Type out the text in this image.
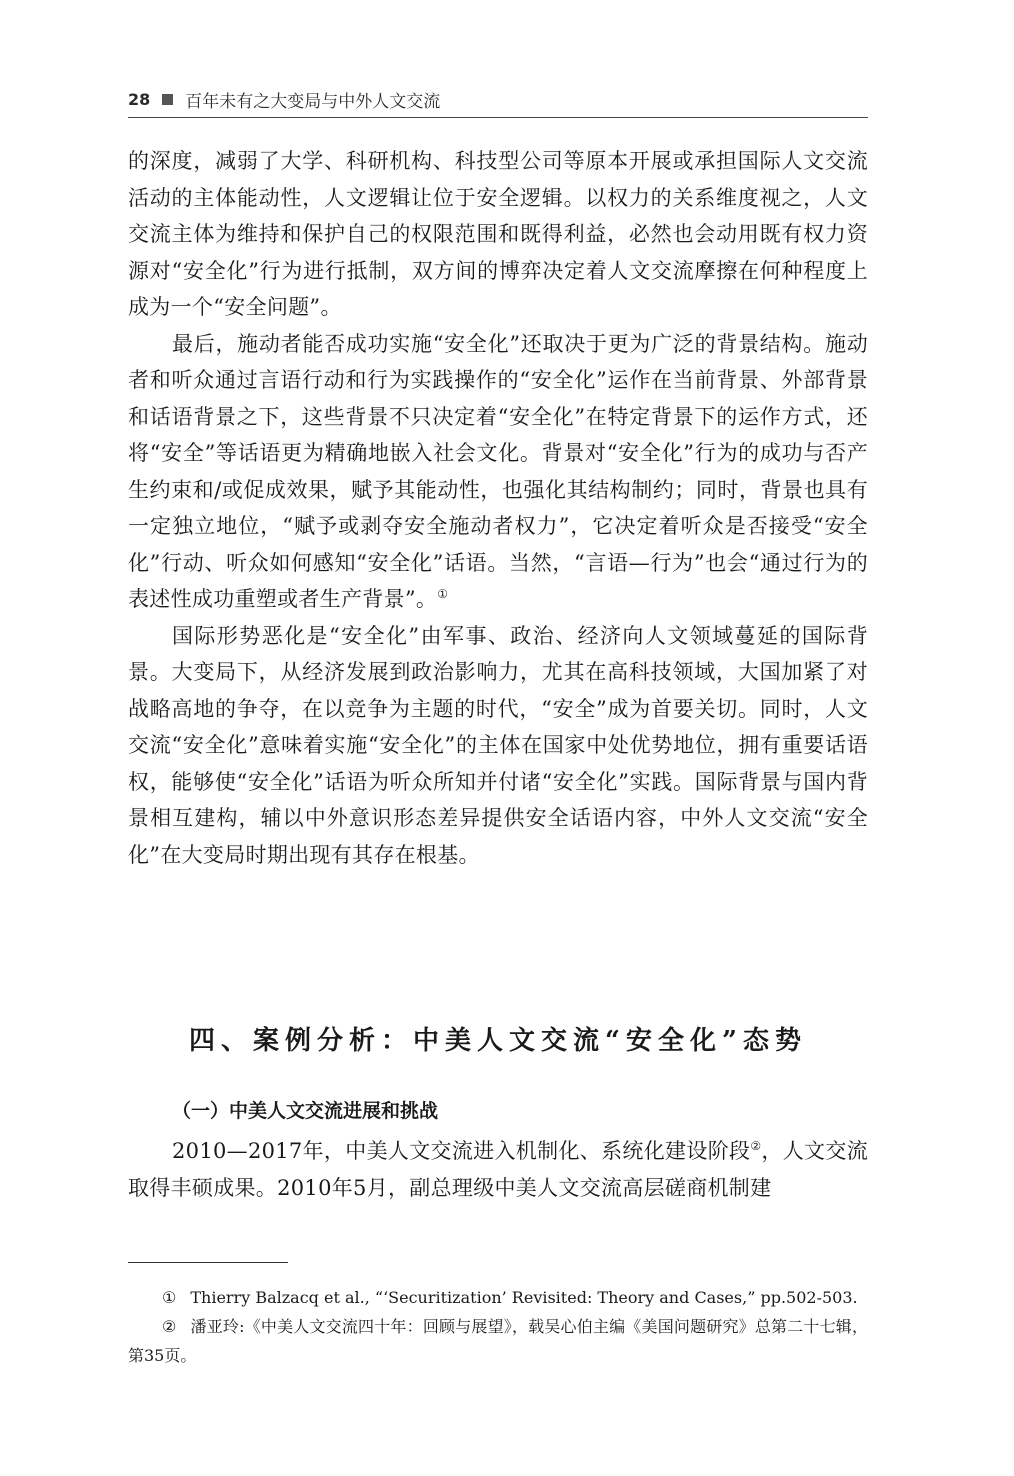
28 百年未有之大变局与中外人文交流

的深度，减弱了大学、科研机构、科技型公司等原本开展或承担国际人文交流活动的主体能动性，人文逻辑让位于安全逻辑。以权力的关系维度视之，人文交流主体为维持和保护自己的权限范围和既得利益，必然也会动用既有权力资源对“安全化”行为进行抵制，双方间的博弈决定着人文交流摩擦在何种程度上成为一个“安全问题”。

最后，施动者能否成功实施“安全化”还取决于更为广泛的背景结构。施动者和听众通过言语行动和行为实践操作的“安全化”运作在当前背景、外部背景和话语背景之下，这些背景不只决定着“安全化”在特定背景下的运作方式，还将“安全”等话语更为精确地嵌入社会文化。背景对“安全化”行为的成功与否产生约束和/或促成效果，赋予其能动性，也强化其结构制约；同时，背景也具有一定独立地位，“赋予或剥夺安全施动者权力”，它决定着听众是否接受“安全化”行动、听众如何感知“安全化”话语。当然，“言语—行为”也会“通过行为的表述性成功重塑或者生产背景”。①

国际形势恶化是“安全化”由军事、政治、经济向人文领域蔓延的国际背景。大变局下，从经济发展到政治影响力，尤其在高科技领域，大国加紧了对战略高地的争夺，在以竞争为主题的时代，“安全”成为首要关切。同时，人文交流“安全化”意味着实施“安全化”的主体在国家中处优势地位，拥有重要话语权，能够使“安全化”话语为听众所知并付诸“安全化”实践。国际背景与国内背景相互建构，辅以中外意识形态差异提供安全话语内容，中外人文交流“安全化”在大变局时期出现有其存在根基。

四、案例分析：中美人文交流“安全化”态势
（一）中美人文交流进展和挑战

2010—2017年，中美人文交流进入机制化、系统化建设阶段②，人文交流取得丰硕成果。2010年5月，副总理级中美人文交流高层磋商机制建

① Thierry Balzacq et al., “‘Securitization’ Revisited: Theory and Cases,” pp.502-503.

② 潘亚玲:《中美人文交流四十年：回顾与展望》，载吴心伯主编《美国问题研究》总第二十七辑，第35页。
